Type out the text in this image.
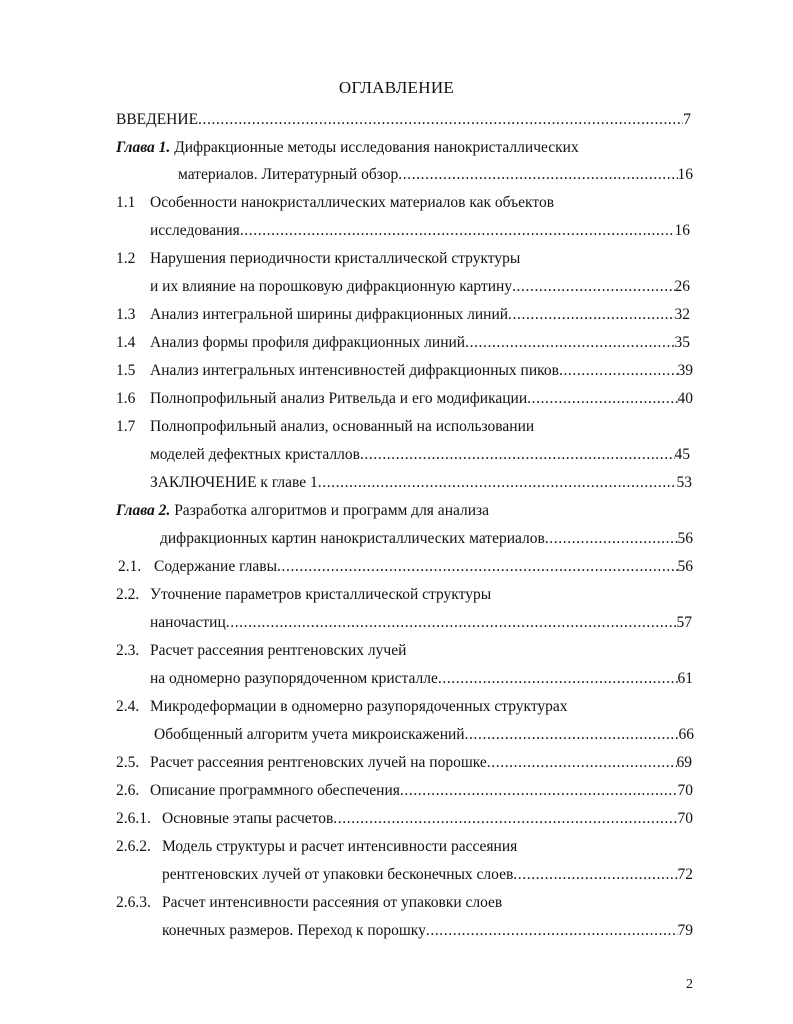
ОГЛАВЛЕНИЕ
ВВЕДЕНИЕ .....	7
Глава 1. Дифракционные методы исследования нанокристаллических
материалов. Литературный обзор .....	16
1.1 Особенности нанокристаллических материалов как объектов
исследования .....	16
1.2 Нарушения периодичности кристаллической структуры
и их влияние на порошковую дифракционную картину .....	26
1.3 Анализ интегральной ширины дифракционных линий .....	32
1.4 Анализ формы профиля дифракционных линий .....	35
1.5 Анализ интегральных интенсивностей дифракционных пиков .....	39
1.6 Полнопрофильный анализ Ритвельда и его модификации .....	40
1.7 Полнопрофильный анализ, основанный на использовании
моделей дефектных кристаллов .....	45
ЗАКЛЮЧЕНИЕ к главе 1 .....	53
Глава 2. Разработка алгоритмов и программ для анализа
дифракционных картин нанокристаллических материалов .....	56
2.1. Содержание главы .....	56
2.2. Уточнение параметров кристаллической структуры
наночастиц .....	57
2.3. Расчет рассеяния рентгеновских лучей
на одномерно разупорядоченном кристалле .....	61
2.4. Микродеформации в одномерно разупорядоченных структурах
Обобщенный алгоритм учета микроискажений .....	66
2.5. Расчет рассеяния рентгеновских лучей на порошке .....	69
2.6. Описание программного обеспечения .....	70
2.6.1. Основные этапы расчетов .....	70
2.6.2. Модель структуры и расчет интенсивности рассеяния
рентгеновских лучей от упаковки бесконечных слоев .....	72
2.6.3. Расчет интенсивности рассеяния от упаковки слоев
конечных размеров. Переход к порошку .....	79
2
